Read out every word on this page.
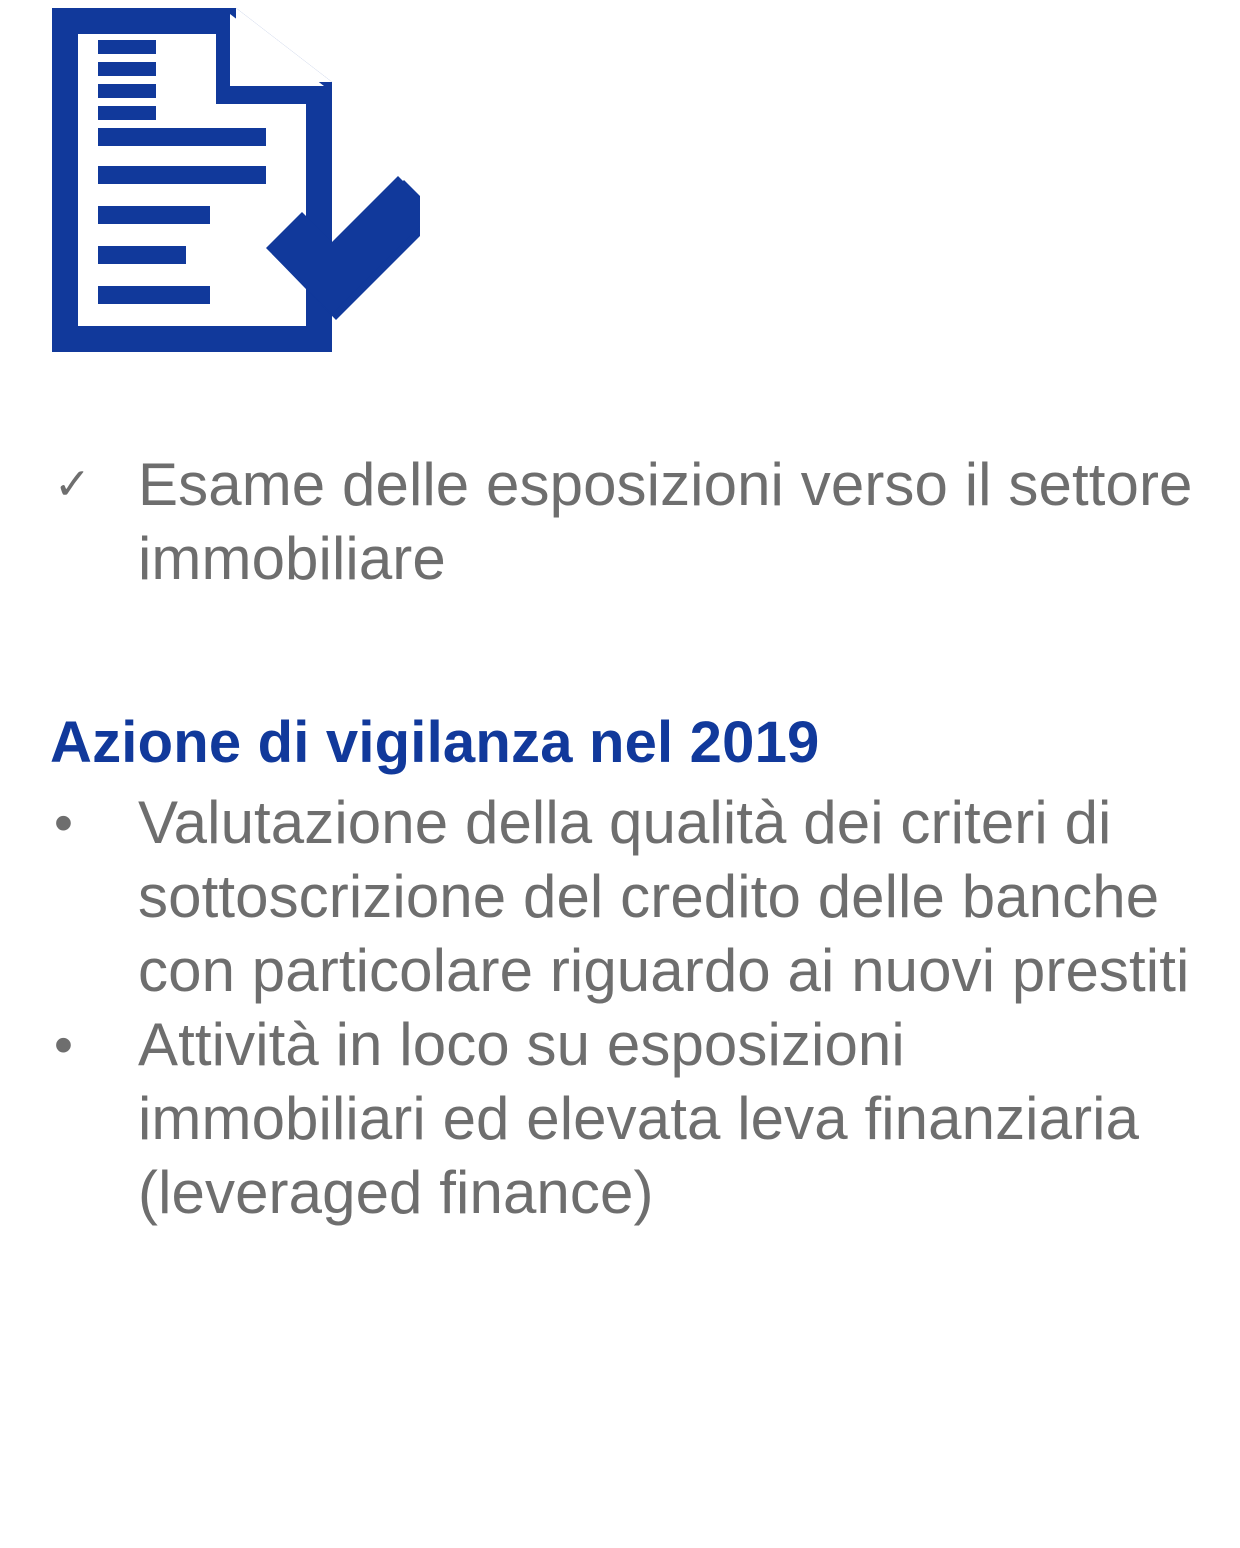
✓ Esame delle esposizioni verso il settore immobiliare
Azione di vigilanza nel 2019
•	Valutazione della qualità dei criteri di sottoscrizione del credito delle banche con particolare riguardo ai nuovi prestiti
•	Attività in loco su esposizioni immobiliari ed elevata leva finanziaria (leveraged finance)
